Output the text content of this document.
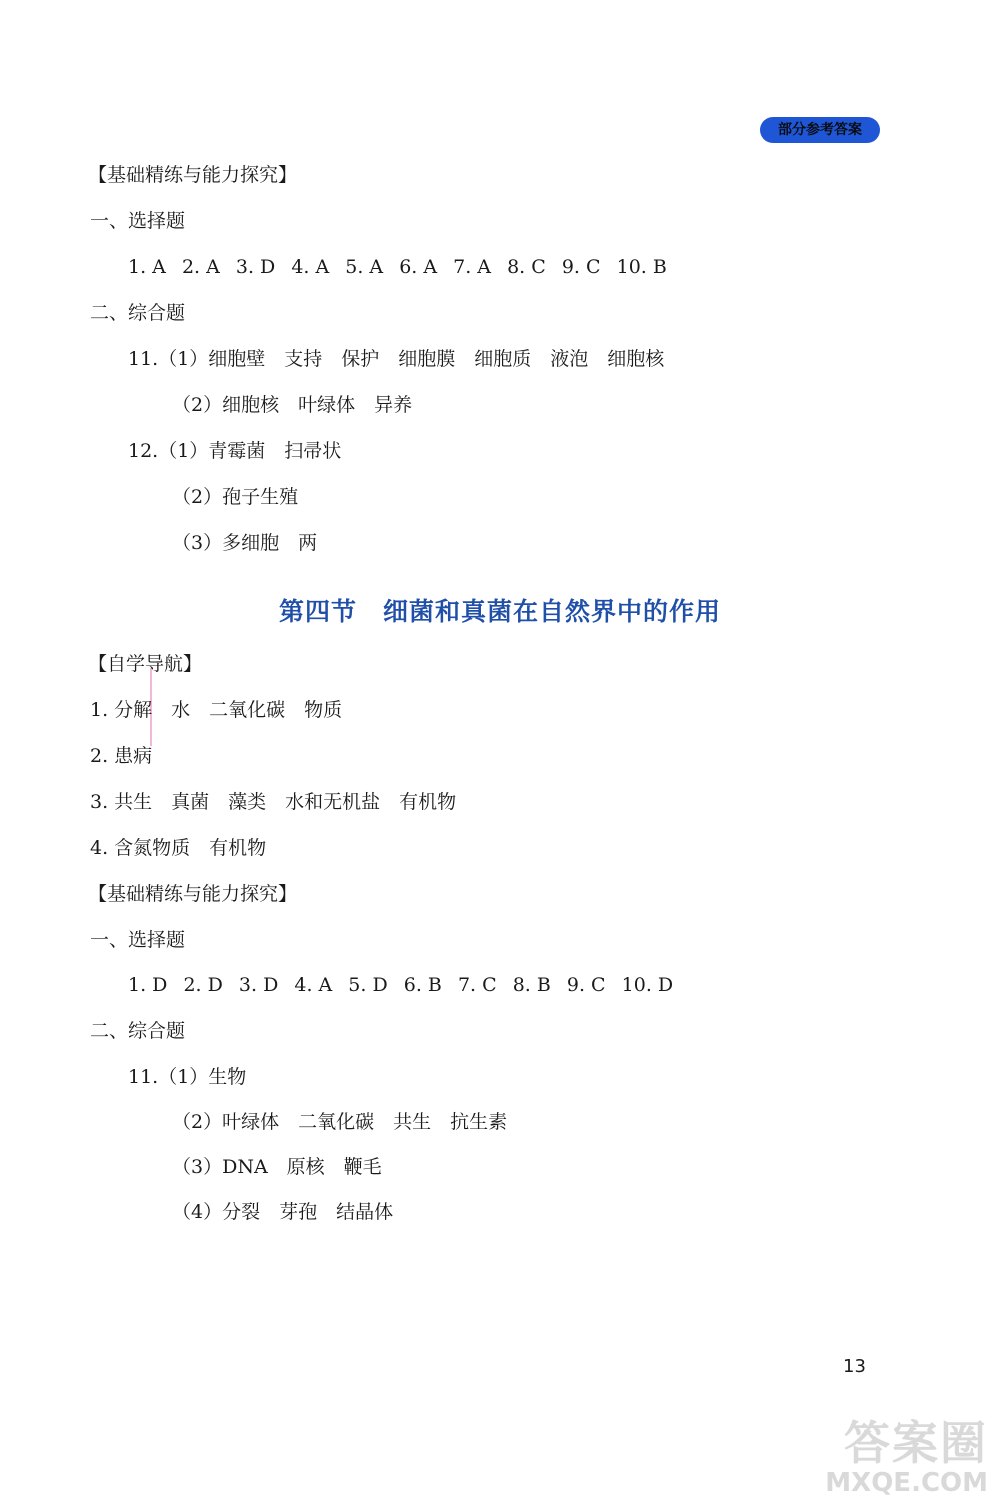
部分参考答案
【基础精练与能力探究】
一、选择题
1. A 2. A 3. D 4. A 5. A 6. A 7. A 8. C 9. C 10. B
二、综合题
11.（1）细胞壁　支持　保护　细胞膜　细胞质　液泡　细胞核
（2）细胞核　叶绿体　异养
12.（1）青霉菌　扫帚状
（2）孢子生殖
（3）多细胞　两
第四节　细菌和真菌在自然界中的作用
【自学导航】
1. 分解　水　二氧化碳　物质
2. 患病
3. 共生　真菌　藻类　水和无机盐　有机物
4. 含氮物质　有机物
【基础精练与能力探究】
一、选择题
1. D 2. D 3. D 4. A 5. D 6. B 7. C 8. B 9. C 10. D
二、综合题
11.（1）生物
（2）叶绿体　二氧化碳　共生　抗生素
（3）DNA　原核　鞭毛
（4）分裂　芽孢　结晶体
13
答案圈
MXQE.COM
